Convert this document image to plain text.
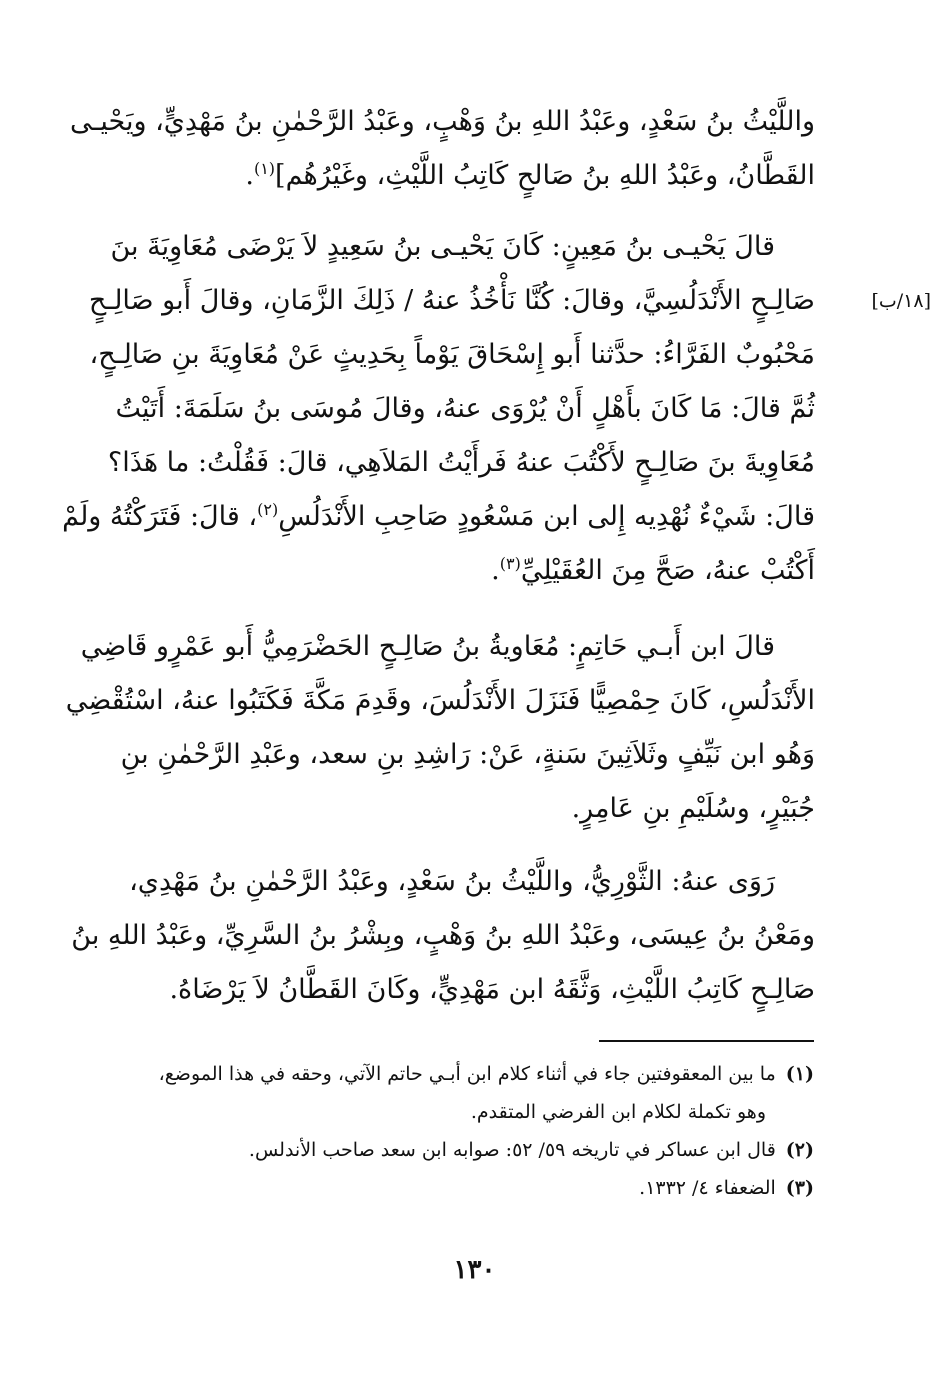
[١٨/ب]
واللَّيْثُ بنُ سَعْدٍ، وعَبْدُ اللهِ بنُ وَهْبٍ، وعَبْدُ الرَّحْمٰنِ بنُ مَهْدِيٍّ، ويَحْيـى
القَطَّانُ، وعَبْدُ اللهِ بنُ صَالحٍ كَاتِبُ اللَّيْثِ، وغَيْرُهُم]$^{(١)}$.
قالَ يَحْيـى بنُ مَعِينٍ: كَانَ يَحْيـى بنُ سَعِيدٍ لاَ يَرْضَى مُعَاوِيَةَ بنَ
صَالِـحٍ الأَنْدَلُسِيَّ، وقالَ: كُنَّا نَأْخُذُ عنهُ / ذَلِكَ الزَّمَانِ، وقالَ أَبو صَالِـحٍ
مَحْبُوبٌ الفَرَّاءُ: حدَّثنا أَبو إِسْحَاقَ يَوْماً بِحَدِيثٍ عَنْ مُعَاوِيَةَ بنِ صَالِـحٍ،
ثُمَّ قالَ: مَا كَانَ بأَهْلٍ أَنْ يُرْوَى عنهُ، وقالَ مُوسَى بنُ سَلَمَةَ: أَتَيْتُ
مُعَاوِيةَ بنَ صَالِـحٍ لأَكْتُبَ عنهُ فَرأَيْتُ المَلاَهِي، قالَ: فَقُلْتُ: ما هَذَا؟
قالَ: شَيْءٌ نُهْدِيه إِلى ابن مَسْعُودٍ صَاحِبِ الأَنْدَلُسِ$^{(٢)}$، قالَ: فَتَرَكْتُهُ ولَمْ
أَكْتُبْ عنهُ، صَحَّ مِنَ العُقَيْلِيِّ$^{(٣)}$.
قالَ ابن أَبـي حَاتِمٍ: مُعَاويةُ بنُ صَالِـحٍ الحَضْرَمِيُّ أَبو عَمْرٍو قَاضِي
الأَنْدَلُسِ، كَانَ حِمْصِيًّا فَنَزَلَ الأَنْدَلُسَ، وقَدِمَ مَكَّةَ فَكَتَبُوا عنهُ، اسْتُقْضِي
وَهُو ابن نَيِّفٍ وثَلاَثِينَ سَنةٍ، عَنْ: رَاشِدِ بنِ سعد، وعَبْدِ الرَّحْمٰنِ بنِ
جُبَيْرٍ، وسُلَيْمِ بنِ عَامِرٍ.
رَوَى عنهُ: الثَّوْرِيُّ، واللَّيْثُ بنُ سَعْدٍ، وعَبْدُ الرَّحْمٰنِ بنُ مَهْدِي،
ومَعْنُ بنُ عِيسَى، وعَبْدُ اللهِ بنُ وَهْبٍ، وبِشْرُ بنُ السَّرِيِّ، وعَبْدُ اللهِ بنُ
صَالِـحٍ كَاتِبُ اللَّيْثِ، وَثَّقَهُ ابن مَهْدِيٍّ، وكَانَ القَطَّانُ لاَ يَرْضَاهُ.
(١)ما بين المعقوفتين جاء في أثناء كلام ابن أبـي حاتم الآتي، وحقه في هذا الموضع،
وهو تكملة لكلام ابن الفرضي المتقدم.
(٢)قال ابن عساكر في تاريخه ٥٩/ ٥٢: صوابه ابن سعد صاحب الأندلس.
(٣)الضعفاء ٤/ ١٣٣٢.
١٣٠
